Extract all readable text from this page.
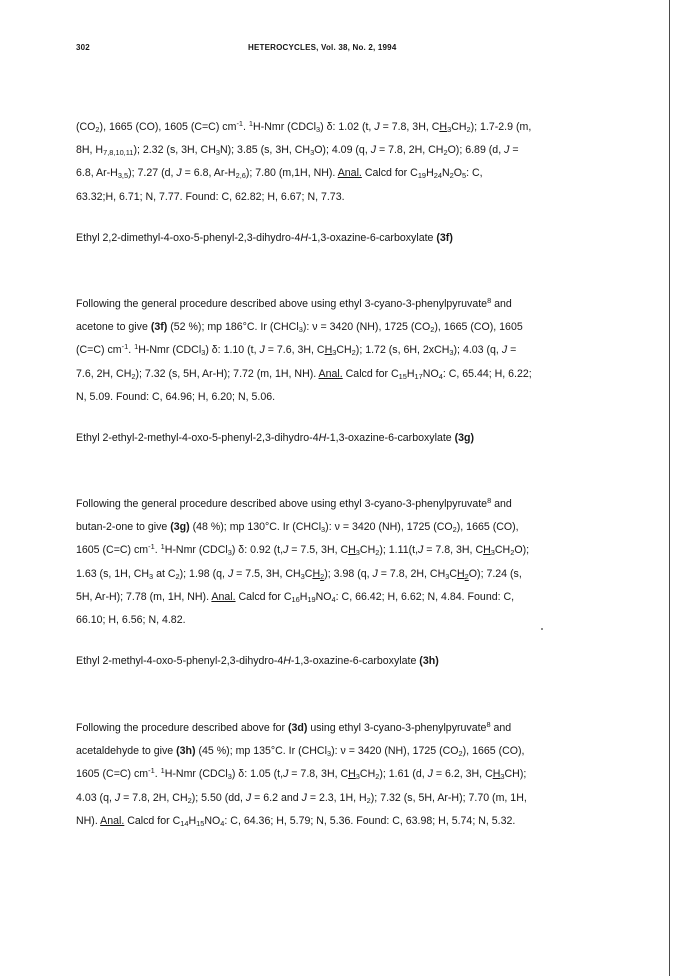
302	HETEROCYCLES, Vol. 38, No. 2, 1994
$(CO_2)$, 1665 (CO), 1605 (C=C) $cm^{-1}$. $^1$H-Nmr (CDCl$_3$) δ: 1.02 (t, J = 7.8, 3H, $CH_3CH_2$); 1.7-2.9 (m,
8H, $H_{7,8,10,11}$); 2.32 (s, 3H, $CH_3N$); 3.85 (s, 3H, $CH_3O$); 4.09 (q, J = 7.8, 2H, $CH_2O$); 6.89 (d, J =
6.8, $Ar-H_{3,5}$); 7.27 (d, J = 6.8, $Ar-H_{2,6}$); 7.80 (m,1H, NH). Anal. Calcd for $C_{19}H_{24}N_2O_5$: C,
63.32;H, 6.71; N, 7.77. Found: C, 62.82; H, 6.67; N, 7.73.
Ethyl 2,2-dimethyl-4-oxo-5-phenyl-2,3-dihydro-4H-1,3-oxazine-6-carboxylate (3f)
Following the general procedure described above using ethyl 3-cyano-3-phenylpyruvate$^8$ and
acetone to give (3f) (52 %); mp 186°C. Ir (CHCl$_3$): ν = 3420 (NH), 1725 $(CO_2)$, 1665 (CO), 1605
(C=C) $cm^{-1}$. $^1$H-Nmr (CDCl$_3$) δ: 1.10 (t, J = 7.6, 3H, $CH_3CH_2$); 1.72 (s, 6H, 2xCH$_3$); 4.03 (q, J =
7.6, 2H, $CH_2$); 7.32 (s, 5H, Ar-H); 7.72 (m, 1H, NH). Anal. Calcd for $C_{15}H_{17}NO_4$: C, 65.44; H, 6.22;
N, 5.09. Found: C, 64.96; H, 6.20; N, 5.06.
Ethyl 2-ethyl-2-methyl-4-oxo-5-phenyl-2,3-dihydro-4H-1,3-oxazine-6-carboxylate (3g)
Following the general procedure described above using ethyl 3-cyano-3-phenylpyruvate$^8$ and
butan-2-one to give (3g) (48 %); mp 130°C. Ir (CHCl$_3$): ν = 3420 (NH), 1725 $(CO_2)$, 1665 (CO),
1605 (C=C) $cm^{-1}$. $^1$H-Nmr (CDCl$_3$) δ: 0.92 (t,J = 7.5, 3H, $CH_3CH_2$); 1.11(t,J = 7.8, 3H, $CH_3CH_2O$);
1.63 (s, 1H, $CH_3$ at $C_2$); 1.98 (q, J = 7.5, 3H, $CH_3CH_2$); 3.98 (q, J = 7.8, 2H, $CH_3CH_2O$); 7.24 (s,
5H, Ar-H); 7.78 (m, 1H, NH). Anal. Calcd for $C_{16}H_{19}NO_4$: C, 66.42; H, 6.62; N, 4.84. Found: C,
66.10; H, 6.56; N, 4.82.
Ethyl 2-methyl-4-oxo-5-phenyl-2,3-dihydro-4H-1,3-oxazine-6-carboxylate (3h)
Following the procedure described above for (3d) using ethyl 3-cyano-3-phenylpyruvate$^8$ and
acetaldehyde to give (3h) (45 %); mp 135°C. Ir (CHCl$_3$): ν = 3420 (NH), 1725 $(CO_2)$, 1665 (CO),
1605 (C=C) $cm^{-1}$. $^1$H-Nmr (CDCl$_3$) δ: 1.05 (t,J = 7.8, 3H, $CH_3CH_2$); 1.61 (d, J = 6.2, 3H, $CH_3CH$);
4.03 (q, J = 7.8, 2H, $CH_2$); 5.50 (dd, J = 6.2 and J = 2.3, 1H, $H_2$); 7.32 (s, 5H, Ar-H); 7.70 (m, 1H,
NH). Anal. Calcd for $C_{14}H_{15}NO_4$: C, 64.36; H, 5.79; N, 5.36. Found: C, 63.98; H, 5.74; N, 5.32.
